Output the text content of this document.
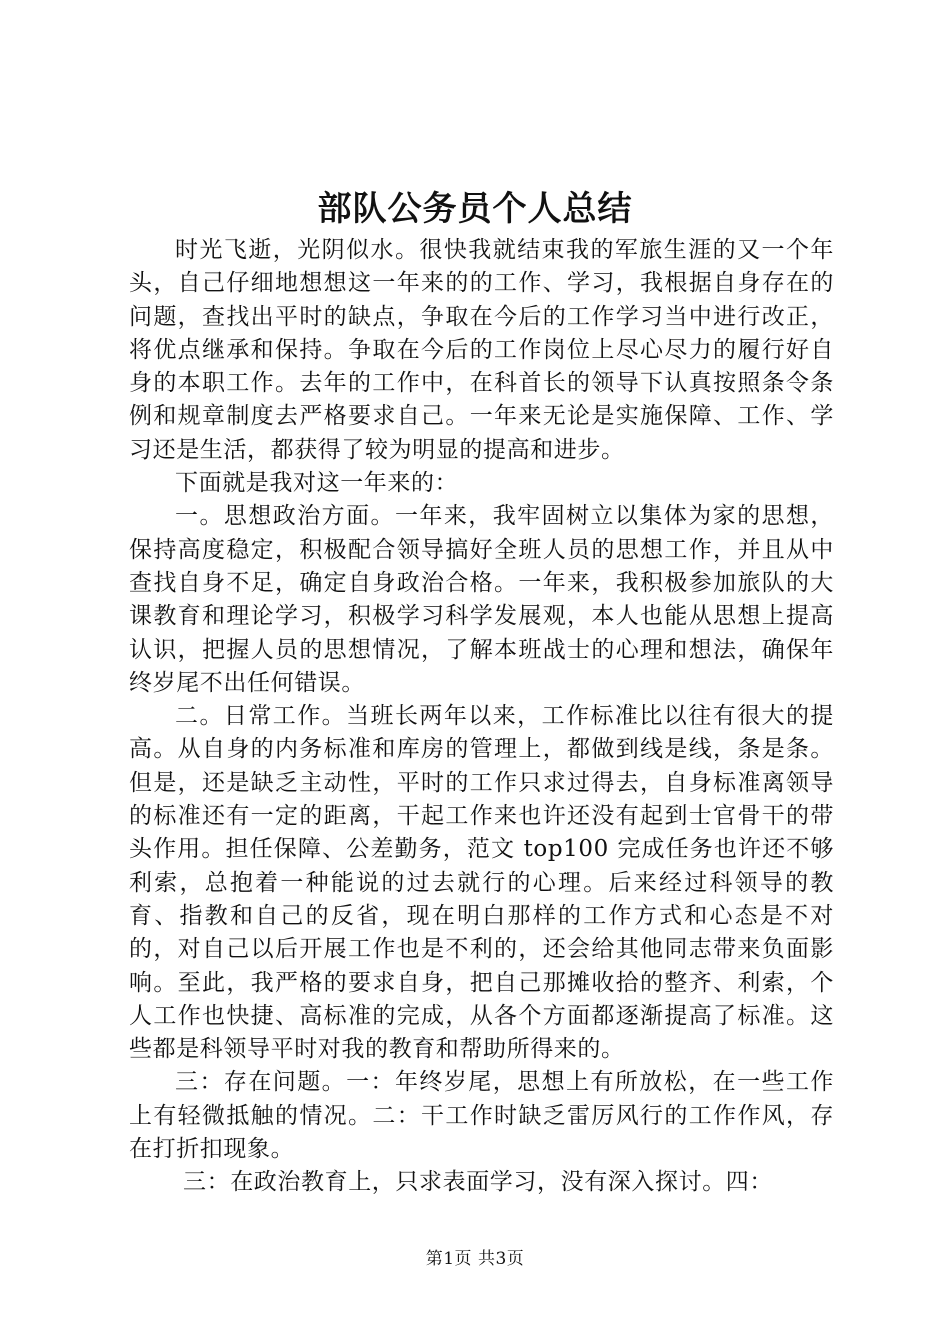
部队公务员个人总结

时光飞逝，光阴似水。很快我就结束我的军旅生涯的又一个年头，自己仔细地想想这一年来的的工作、学习，我根据自身存在的问题，查找出平时的缺点，争取在今后的工作学习当中进行改正，将优点继承和保持。争取在今后的工作岗位上尽心尽力的履行好自身的本职工作。去年的工作中，在科首长的领导下认真按照条令条例和规章制度去严格要求自己。一年来无论是实施保障、工作、学习还是生活，都获得了较为明显的提高和进步。

下面就是我对这一年来的：

一。思想政治方面。一年来，我牢固树立以集体为家的思想，保持高度稳定，积极配合领导搞好全班人员的思想工作，并且从中查找自身不足，确定自身政治合格。一年来，我积极参加旅队的大课教育和理论学习，积极学习科学发展观，本人也能从思想上提高认识，把握人员的思想情况，了解本班战士的心理和想法，确保年终岁尾不出任何错误。

二。日常工作。当班长两年以来，工作标准比以往有很大的提高。从自身的内务标准和库房的管理上，都做到线是线，条是条。但是，还是缺乏主动性，平时的工作只求过得去，自身标准离领导的标准还有一定的距离，干起工作来也许还没有起到士官骨干的带头作用。担任保障、公差勤务，范文 top100 完成任务也许还不够利索，总抱着一种能说的过去就行的心理。后来经过科领导的教育、指教和自己的反省，现在明白那样的工作方式和心态是不对的，对自己以后开展工作也是不利的，还会给其他同志带来负面影响。至此，我严格的要求自身，把自己那摊收拾的整齐、利索，个人工作也快捷、高标准的完成，从各个方面都逐渐提高了标准。这些都是科领导平时对我的教育和帮助所得来的。

三：存在问题。一：年终岁尾，思想上有所放松，在一些工作上有轻微抵触的情况。二：干工作时缺乏雷厉风行的工作作风，存在打折扣现象。

三：在政治教育上，只求表面学习，没有深入探讨。四：

第1页 共3页
